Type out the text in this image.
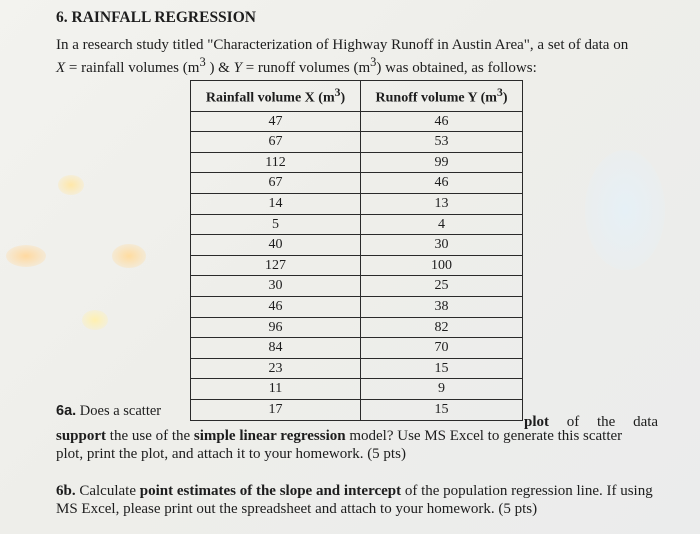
6. RAINFALL REGRESSION
In a research study titled "Characterization of Highway Runoff in Austin Area", a set of data on
X = rainfall volumes ($m^3$ ) & Y = runoff volumes $(m^3)$ was obtained, as follows:
Rainfall volume X $(m^3)$	Runoff volume Y $(m^3)$
47	46
67	53
112	99
67	46
14	13
5	4
40	30
127	100
30	25
46	38
96	82
84	70
23	15
11	9
17	15
6a. Does a scatter
plot of the data
support the use of the simple linear regression model? Use MS Excel to generate this scatter
plot, print the plot, and attach it to your homework. (5 pts)
6b. Calculate point estimates of the slope and intercept of the population regression line. If using
MS Excel, please print out the spreadsheet and attach to your homework. (5 pts)
